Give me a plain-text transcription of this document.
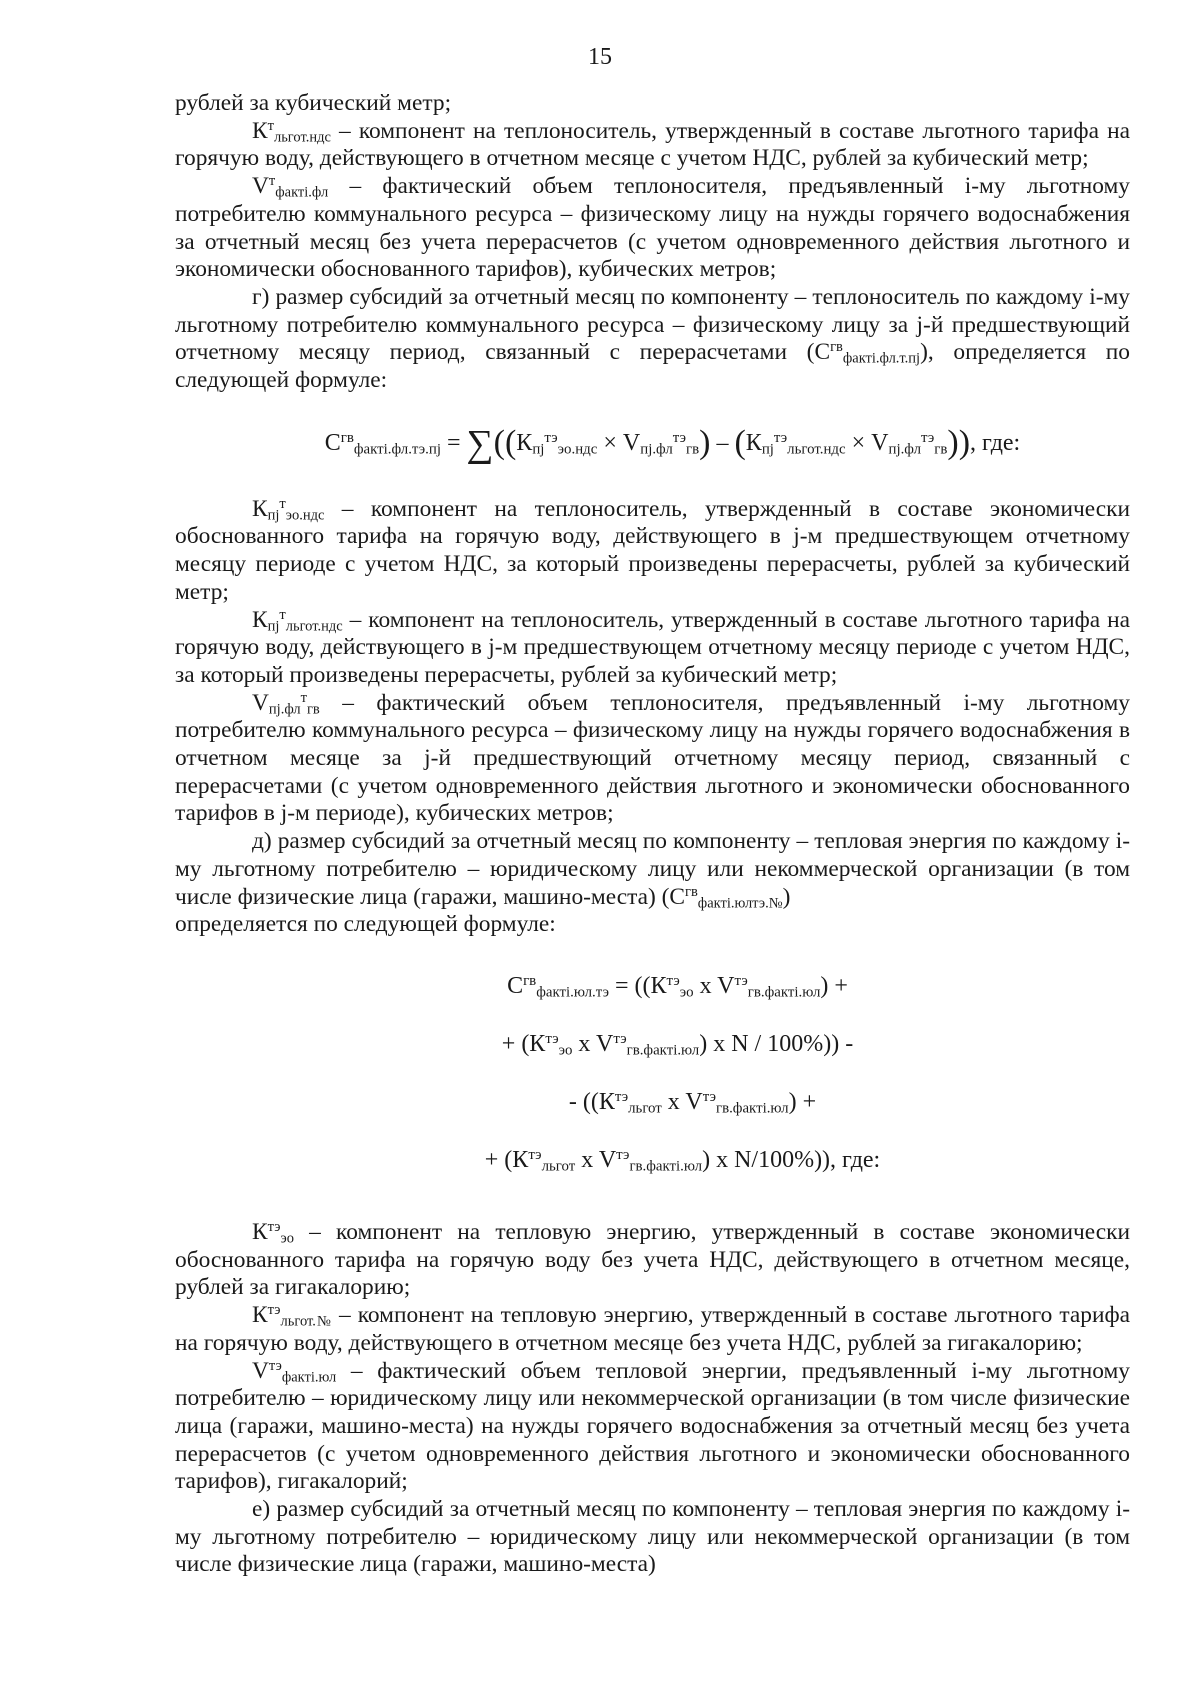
15

рублей за кубический метр;

$К^т_{льгот.ндс}$ – компонент на теплоноситель, утвержденный в составе льготного тарифа на горячую воду, действующего в отчетном месяце с учетом НДС, рублей за кубический метр;

$V^т_{факті.фл}$ – фактический объем теплоносителя, предъявленный і-му льготному потребителю коммунального ресурса – физическому лицу на нужды горячего водоснабжения за отчетный месяц без учета перерасчетов (с учетом одновременного действия льготного и экономически обоснованного тарифов), кубических метров;

г) размер субсидий за отчетный месяц по компоненту – теплоноситель по каждому і-му льготному потребителю коммунального ресурса – физическому лицу за j-й предшествующий отчетному месяцу период, связанный с перерасчетами $(С^{гв}_{факті.фл.т.пj})$, определяется по следующей формуле:

$С^{гв}_{факті.фл.тэ.пj} = \sum((К_{пj}^{тэ}_{эо.ндс} \times V_{пj.фл}^{тэ}_{гв}) - (К_{пj}^{тэ}_{льгот.ндс} \times V_{пj.фл}^{тэ}_{гв}))$, где:

$К_{пj}^т_{эо.ндс}$ – компонент на теплоноситель, утвержденный в составе экономически обоснованного тарифа на горячую воду, действующего в j-м предшествующем отчетному месяцу периоде с учетом НДС, за который произведены перерасчеты, рублей за кубический метр;

$К_{пj}^т_{льгот.ндс}$ – компонент на теплоноситель, утвержденный в составе льготного тарифа на горячую воду, действующего в j-м предшествующем отчетному месяцу периоде с учетом НДС, за который произведены перерасчеты, рублей за кубический метр;

$V_{пj.фл}^т_{гв}$ – фактический объем теплоносителя, предъявленный і-му льготному потребителю коммунального ресурса – физическому лицу на нужды горячего водоснабжения в отчетном месяце за j-й предшествующий отчетному месяцу период, связанный с перерасчетами (с учетом одновременного действия льготного и экономически обоснованного тарифов в j-м периоде), кубических метров;

д) размер субсидий за отчетный месяц по компоненту – тепловая энергия по каждому і-му льготному потребителю – юридическому лицу или некоммерческой организации (в том числе физические лица (гаражи, машино-места) $(С^{гв}_{факті.юлтэ.№})$

определяется по следующей формуле:

$С^{гв}_{факті.юл.тэ} = ((К^{тэ}_{эо}$ x $V^{тэ}_{гв.факті.юл}$) +
+ ($К^{тэ}_{эо}$ x $V^{тэ}_{гв.факті.юл}$) x N / 100%)) -
- (($К^{тэ}_{льгот}$ x $V^{тэ}_{гв.факті.юл}$) +
+ ($К^{тэ}_{льгот}$ x $V^{тэ}_{гв.факті.юл}$) x N/100%)), где:

$К^{тэ}_{эо}$ – компонент на тепловую энергию, утвержденный в составе экономически обоснованного тарифа на горячую воду без учета НДС, действующего в отчетном месяце, рублей за гигакалорию;

$К^{тэ}_{льгот.№}$ – компонент на тепловую энергию, утвержденный в составе льготного тарифа на горячую воду, действующего в отчетном месяце без учета НДС, рублей за гигакалорию;

$V^{тэ}_{факті.юл}$ – фактический объем тепловой энергии, предъявленный і-му льготному потребителю – юридическому лицу или некоммерческой организации (в том числе физические лица (гаражи, машино-места) на нужды горячего водоснабжения за отчетный месяц без учета перерасчетов (с учетом одновременного действия льготного и экономически обоснованного тарифов), гигакалорий;

е) размер субсидий за отчетный месяц по компоненту – тепловая энергия по каждому і-му льготному потребителю – юридическому лицу или некоммерческой организации (в том числе физические лица (гаражи, машино-места)
